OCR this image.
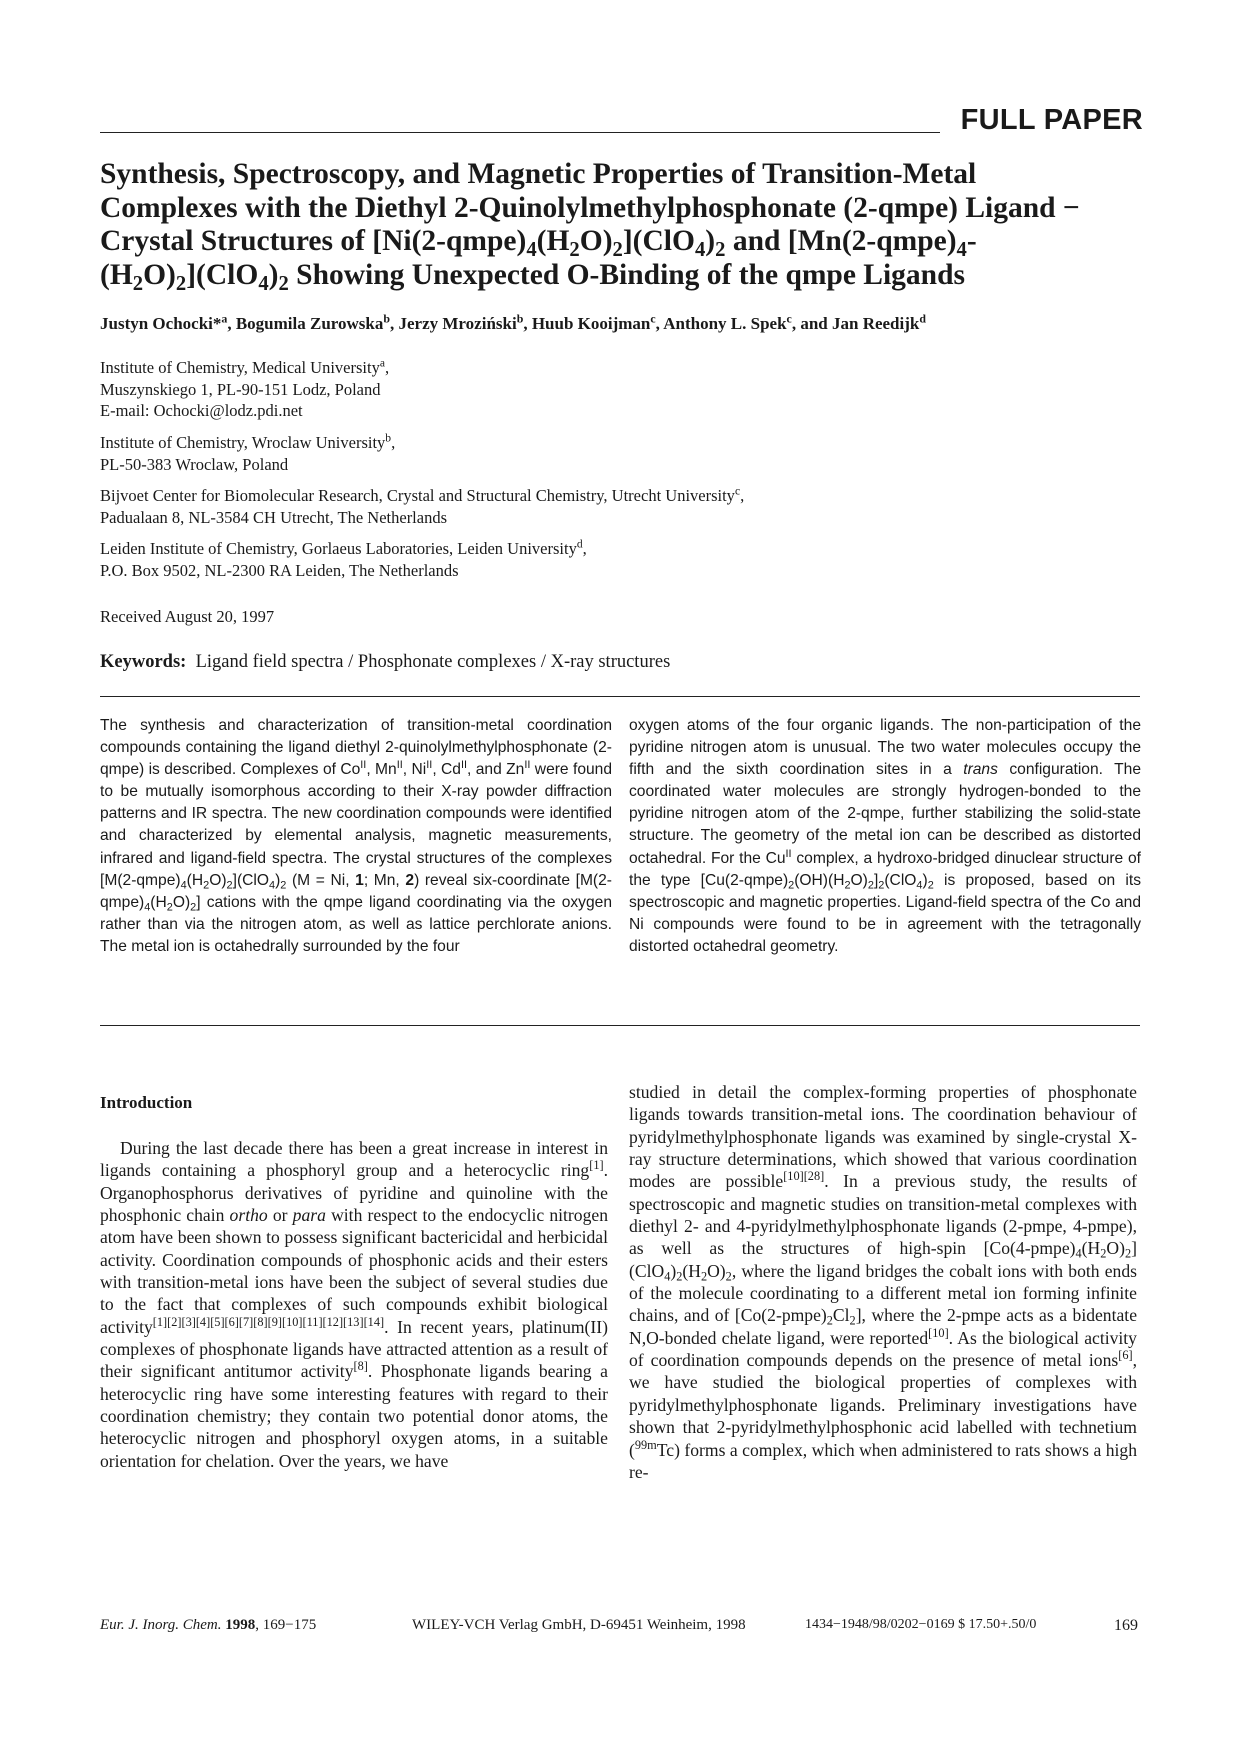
FULL PAPER
Synthesis, Spectroscopy, and Magnetic Properties of Transition-Metal
Complexes with the Diethyl 2-Quinolylmethylphosphonate (2-qmpe) Ligand −
Crystal Structures of $[Ni(2-qmpe)_4(H_2O)_2](ClO_4)_2$ and [$Mn(2-qmpe)_4-$
$(H_2O)_2](ClO_4)_2$ Showing Unexpected O-Binding of the qmpe Ligands
Justyn Ochocki*$^a$, Bogumila Zurowska$^b$, Jerzy Mroziński$^b$, Huub Kooijman$^c$, Anthony L. Spek$^c$, and Jan Reedijk$^d$
Institute of Chemistry, Medical University$^a$,
Muszynskiego 1, PL-90-151 Lodz, Poland
E-mail: Ochocki@lodz.pdi.net
Institute of Chemistry, Wroclaw University$^b$,
PL-50-383 Wroclaw, Poland
Bijvoet Center for Biomolecular Research, Crystal and Structural Chemistry, Utrecht University$^c$,
Padualaan 8, NL-3584 CH Utrecht, The Netherlands
Leiden Institute of Chemistry, Gorlaeus Laboratories, Leiden University$^d$,
P.O. Box 9502, NL-2300 RA Leiden, The Netherlands
Received August 20, 1997
Keywords: Ligand field spectra / Phosphonate complexes / X-ray structures

The synthesis and characterization of transition-metal coordination compounds containing the ligand diethyl 2-quinolylmethylphosphonate (2-qmpe) is described. Complexes of $Co^{II}$, $Mn^{II}$, $Ni^{II}$, $Cd^{II}$, and $Zn^{II}$ were found to be mutually isomorphous according to their X-ray powder diffraction patterns and IR spectra. The new coordination compounds were identified and characterized by elemental analysis, magnetic measurements, infrared and ligand-field spectra. The crystal structures of the complexes $[M(2-qmpe)_4(H_2O)_2](ClO_4)_2$ (M = Ni, 1; Mn, 2) reveal six-coordinate $[M(2-qmpe)_4(H_2O)_2]$ cations with the qmpe ligand coordinating via the oxygen rather than via the nitrogen atom, as well as lattice perchlorate anions. The metal ion is octahedrally surrounded by the four

oxygen atoms of the four organic ligands. The non-participation of the pyridine nitrogen atom is unusual. The two water molecules occupy the fifth and the sixth coordination sites in a trans configuration. The coordinated water molecules are strongly hydrogen-bonded to the pyridine nitrogen atom of the 2-qmpe, further stabilizing the solid-state structure. The geometry of the metal ion can be described as distorted octahedral. For the $Cu^{II}$ complex, a hydroxo-bridged dinuclear structure of the type $[Cu(2-qmpe)_2(OH)(H_2O)_2]_2(ClO_4)_2$ is proposed, based on its spectroscopic and magnetic properties. Ligand-field spectra of the Co and Ni compounds were found to be in agreement with the tetragonally distorted octahedral geometry.

Introduction

During the last decade there has been a great increase in interest in ligands containing a phosphoryl group and a heterocyclic ring[1]. Organophosphorus derivatives of pyridine and quinoline with the phosphonic chain ortho or para with respect to the endocyclic nitrogen atom have been shown to possess significant bactericidal and herbicidal activity. Coordination compounds of phosphonic acids and their esters with transition-metal ions have been the subject of several studies due to the fact that complexes of such compounds exhibit biological activity[1][2][3][4][5][6][7][8][9][10][11][12][13][14]. In recent years, platinum(II) complexes of phosphonate ligands have attracted attention as a result of their significant antitumor activity[8]. Phosphonate ligands bearing a heterocyclic ring have some interesting features with regard to their coordination chemistry; they contain two potential donor atoms, the heterocyclic nitrogen and phosphoryl oxygen atoms, in a suitable orientation for chelation. Over the years, we have

studied in detail the complex-forming properties of phosphonate ligands towards transition-metal ions. The coordination behaviour of pyridylmethylphosphonate ligands was examined by single-crystal X-ray structure determinations, which showed that various coordination modes are possible[10][28]. In a previous study, the results of spectroscopic and magnetic studies on transition-metal complexes with diethyl 2- and 4-pyridylmethylphosphonate ligands (2-pmpe, 4-pmpe), as well as the structures of high-spin $[Co(4-pmpe)_4(H_2O)_2](ClO_4)_2(H_2O)_2$, where the ligand bridges the cobalt ions with both ends of the molecule coordinating to a different metal ion forming infinite chains, and of $[Co(2-pmpe)_2Cl_2]$, where the 2-pmpe acts as a bidentate N,O-bonded chelate ligand, were reported[10]. As the biological activity of coordination compounds depends on the presence of metal ions[6], we have studied the biological properties of complexes with pyridylmethylphosphonate ligands. Preliminary investigations have shown that 2-pyridylmethylphosphonic acid labelled with technetium ($^{99m}$Tc) forms a complex, which when administered to rats shows a high re-

Eur. J. Inorg. Chem. 1998, 169−175	WILEY-VCH Verlag GmbH, D-69451 Weinheim, 1998	1434−1948/98/0202−0169 $ 17.50+.50/0	169
